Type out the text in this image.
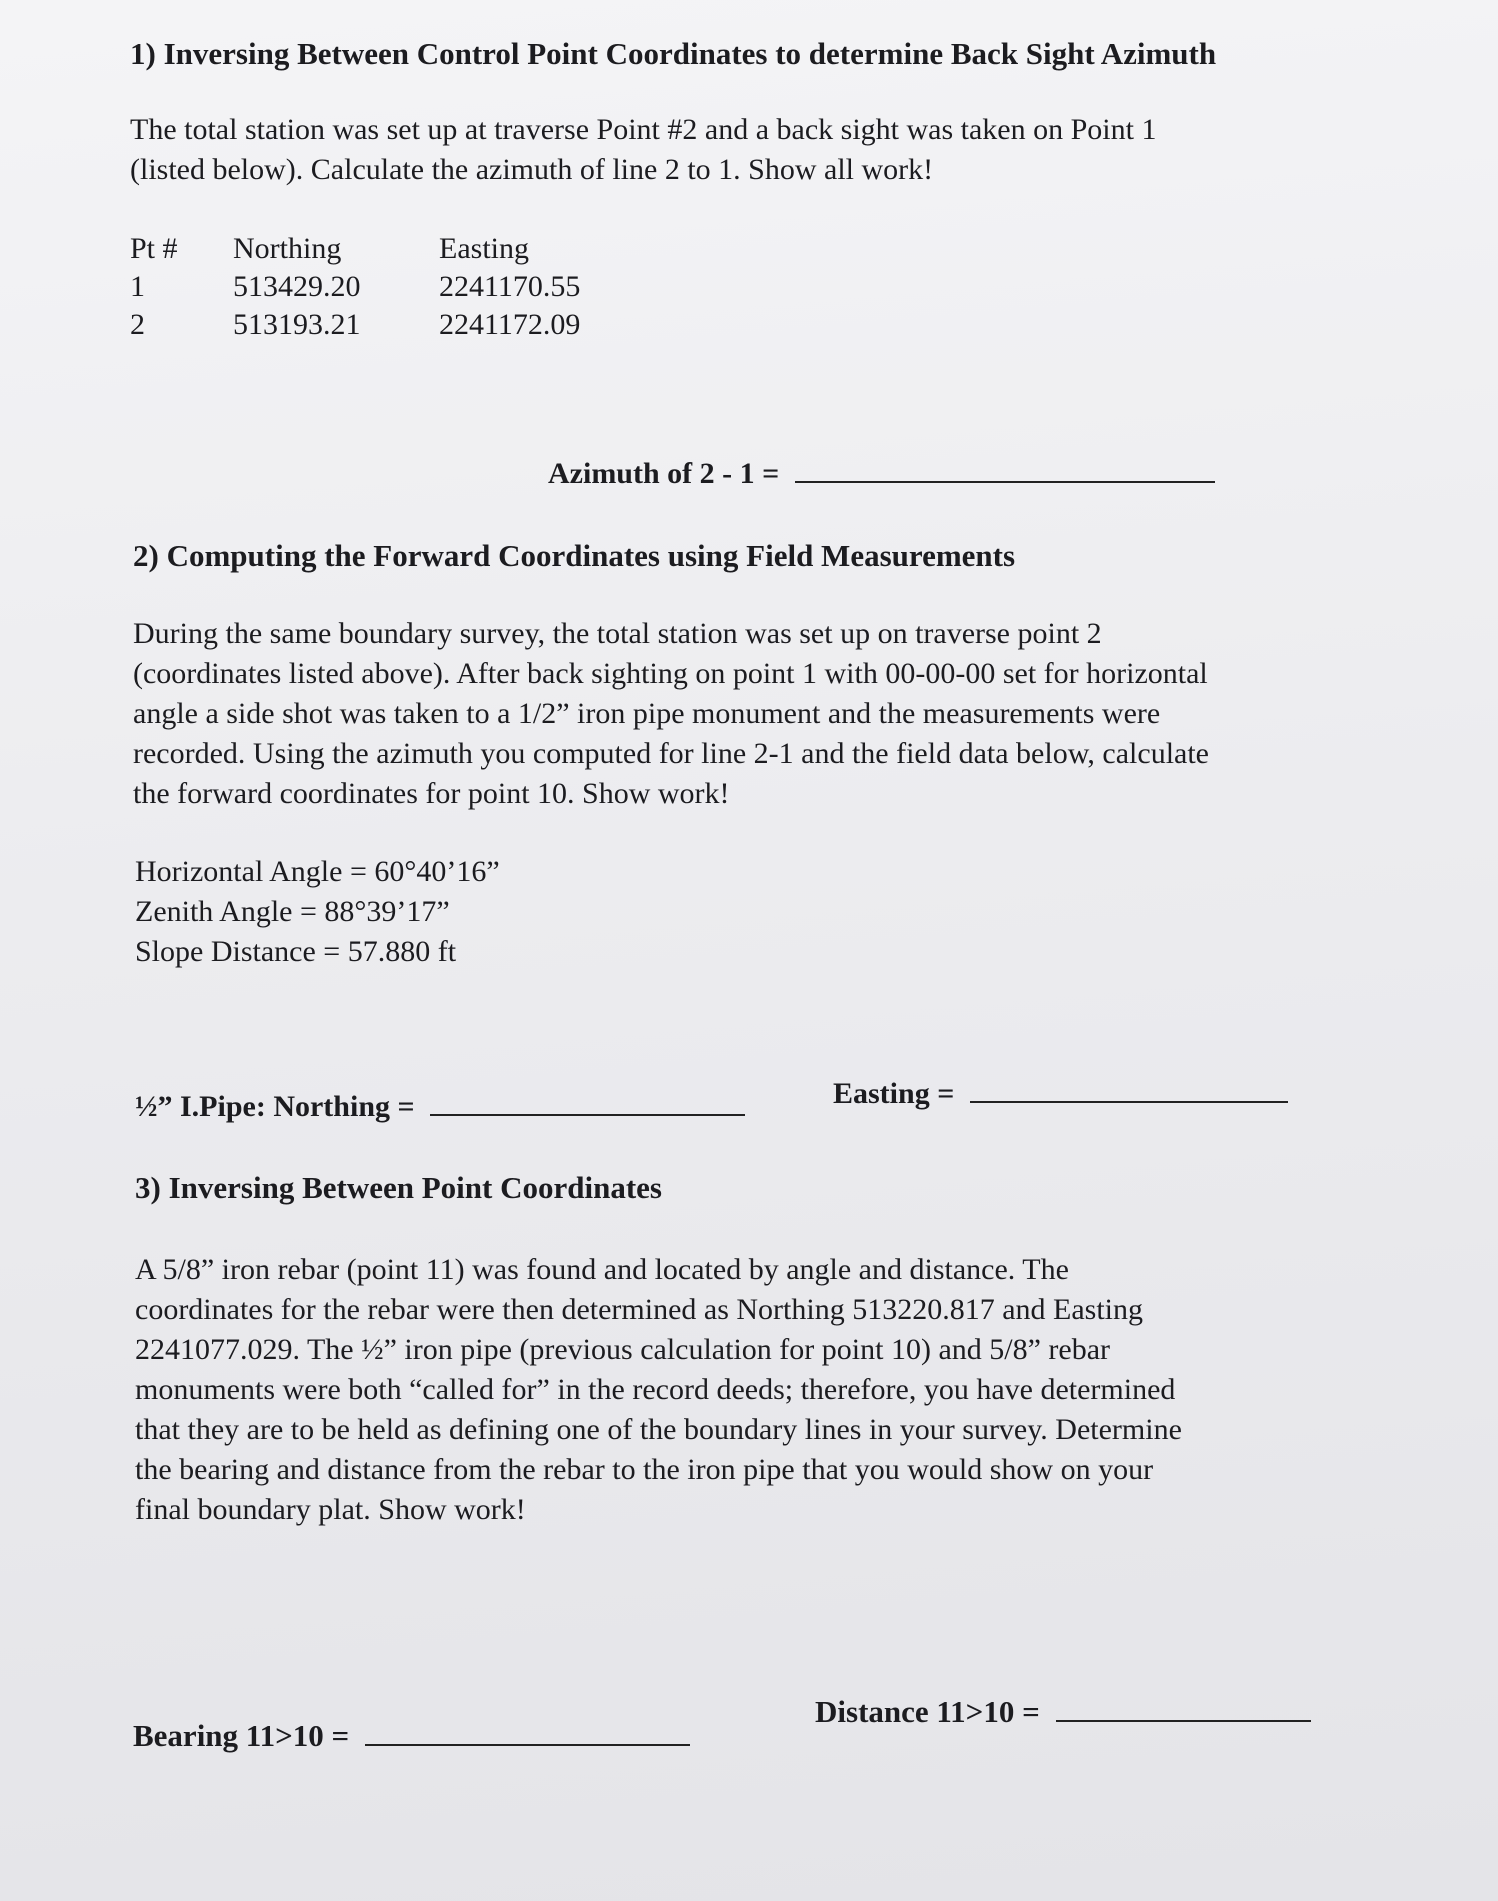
1) Inversing Between Control Point Coordinates to determine Back Sight Azimuth
The total station was set up at traverse Point #2 and a back sight was taken on Point 1
(listed below). Calculate the azimuth of line 2 to 1. Show all work!
Pt #	Northing	Easting
1	513429.20	2241170.55
2	513193.21	2241172.09
Azimuth of 2 - 1 =
2) Computing the Forward Coordinates using Field Measurements
During the same boundary survey, the total station was set up on traverse point 2
(coordinates listed above). After back sighting on point 1 with 00-00-00 set for horizontal
angle a side shot was taken to a 1/2” iron pipe monument and the measurements were
recorded. Using the azimuth you computed for line 2-1 and the field data below, calculate
the forward coordinates for point 10. Show work!
Horizontal Angle = 60°40’16”
Zenith Angle = 88°39’17”
Slope Distance = 57.880 ft
½” I.Pipe: Northing =	Easting =
3) Inversing Between Point Coordinates
A 5/8” iron rebar (point 11) was found and located by angle and distance. The
coordinates for the rebar were then determined as Northing 513220.817 and Easting
2241077.029. The ½” iron pipe (previous calculation for point 10) and 5/8” rebar
monuments were both “called for” in the record deeds; therefore, you have determined
that they are to be held as defining one of the boundary lines in your survey. Determine
the bearing and distance from the rebar to the iron pipe that you would show on your
final boundary plat. Show work!
Bearing 11>10 =
Distance 11>10 =
